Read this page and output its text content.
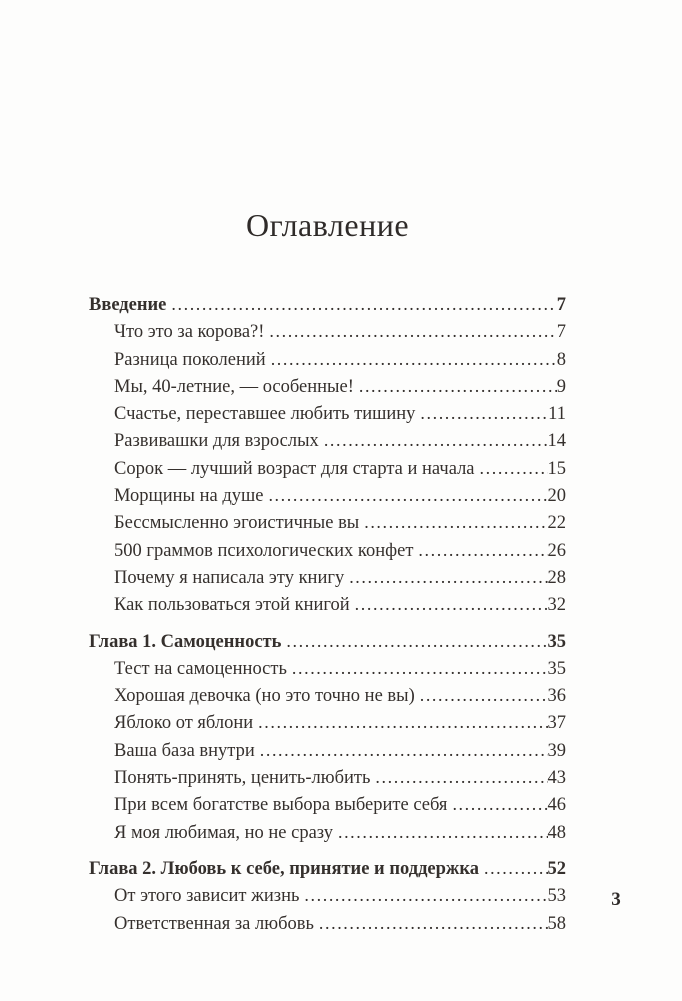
Оглавление
Введение .....	7
Что это за корова?! .....	7
Разница поколений .....	8
Мы, 40-летние, — особенные! .....	9
Счастье, переставшее любить тишину .....	11
Развивашки для взрослых .....	14
Сорок — лучший возраст для старта и начала .....	15
Морщины на душе .....	20
Бессмысленно эгоистичные вы .....	22
500 граммов психологических конфет .....	26
Почему я написала эту книгу .....	28
Как пользоваться этой книгой .....	32
Глава 1. Самоценность .....	35
Тест на самоценность .....	35
Хорошая девочка (но это точно не вы) .....	36
Яблоко от яблони .....	37
Ваша база внутри .....	39
Понять-принять, ценить-любить .....	43
При всем богатстве выбора выберите себя .....	46
Я моя любимая, но не сразу .....	48
Глава 2. Любовь к себе, принятие и поддержка .....	52
От этого зависит жизнь .....	53
Ответственная за любовь .....	58
3
